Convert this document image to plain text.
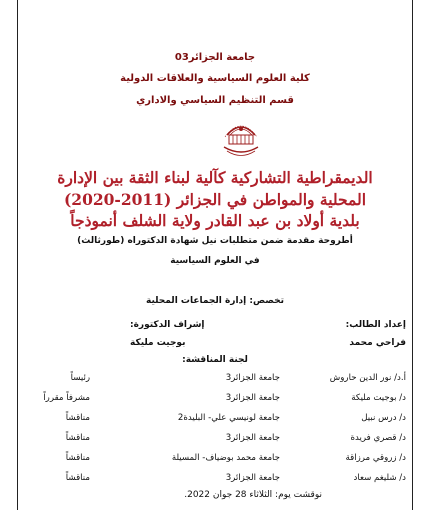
جامعة الجزائر03
كلية العلوم السياسية والعلاقات الدولية
قسم التنظيم السياسي والاداري
الديمقراطية التشاركية كآلية لبناء الثقة بين الإدارة
المحلية والمواطن في الجزائر (2011-2020)
بلدية أولاد بن عبد القادر ولاية الشلف أنموذجاً
أطروحة مقدمة ضمن متطلبات نيل شهادة الدكتوراه (طورثالث)
في العلوم السياسية
تخصص: إدارة الجماعات المحلية
إعداد الطالب:
فراحي محمد
إشراف الدكتورة:
بوجيت مليكة
لجنة المناقشة:
أ.د/ نور الدين حاروش
جامعة الجزائر3
رئيساً
د/ بوجيت مليكة
جامعة الجزائر3
مشرفاً مقرراً
د/ درس نبيل
جامعة لونيسي علي- البليدة2
مناقشاً
د/ قصري فريدة
جامعة الجزائر3
مناقشاً
د/ زروقي مرزاقة
جامعة محمد بوضياف- المسيلة
مناقشاً
د/ شليغم سعاد
جامعة الجزائر3
مناقشاً
نوقشت يوم: الثلاثاء 28 جوان 2022.
